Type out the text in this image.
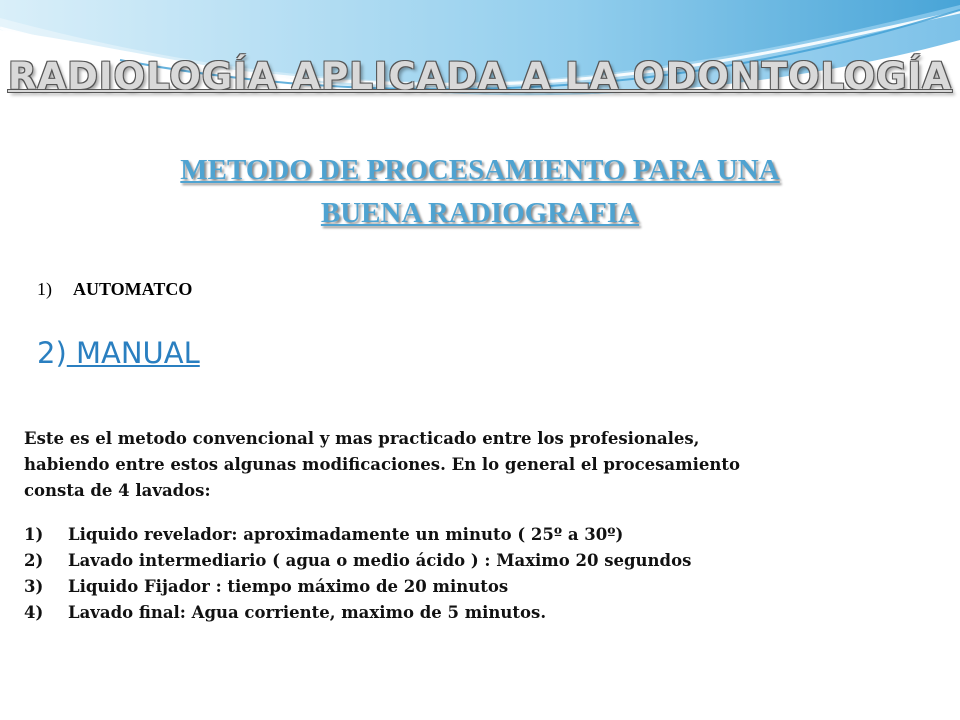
RADIOLOGÍA APLICADA A LA ODONTOLOGÍA
METODO DE PROCESAMIENTO PARA UNA
BUENA RADIOGRAFIA
1) AUTOMATCO
2) MANUAL

Este es el metodo convencional y mas practicado entre los profesionales,

habiendo entre estos algunas modificaciones. En lo general el procesamiento

consta de 4 lavados:

1)	Liquido revelador: aproximadamente un minuto ( 25º a 30º)
2)	Lavado intermediario ( agua o medio ácido ) : Maximo 20 segundos
3)	Liquido Fijador : tiempo máximo de 20 minutos
4)	Lavado final: Agua corriente, maximo de 5 minutos.
